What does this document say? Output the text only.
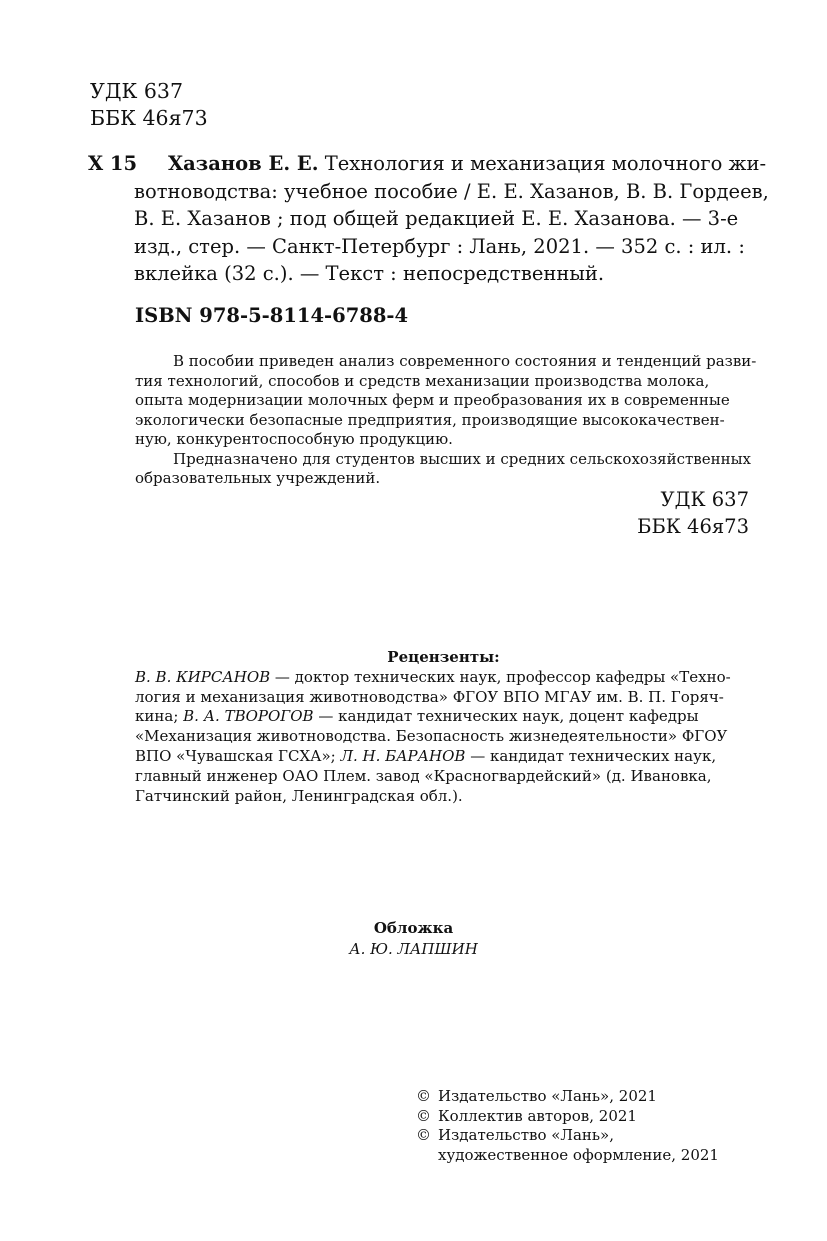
УДК 637
ББК 46я73
Х 15 Хазанов Е. Е. Технология и механизация молочного жи-
вотноводства: учебное пособие / Е. Е. Хазанов, В. В. Гордеев,
В. Е. Хазанов ; под общей редакцией Е. Е. Хазанова. — 3-е
изд., стер. — Санкт-Петербург : Лань, 2021. — 352 с. : ил. :
вклейка (32 с.). — Текст : непосредственный.
ISBN 978-5-8114-6788-4
В пособии приведен анализ современного состояния и тенденций разви-
тия технологий, способов и средств механизации производства молока,
опыта модернизации молочных ферм и преобразования их в современные
экологически безопасные предприятия, производящие высококачествен-
ную, конкурентоспособную продукцию.
Предназначено для студентов высших и средних сельскохозяйственных
образовательных учреждений.
УДК 637
ББК 46я73
Рецензенты:
В. В. КИРСАНОВ — доктор технических наук, профессор кафедры «Техно-
логия и механизация животноводства» ФГОУ ВПО МГАУ им. В. П. Горяч-
кина; В. А. ТВОРОГОВ — кандидат технических наук, доцент кафедры
«Механизация животноводства. Безопасность жизнедеятельности» ФГОУ
ВПО «Чувашская ГСХА»; Л. Н. БАРАНОВ — кандидат технических наук,
главный инженер ОАО Плем. завод «Красногвардейский» (д. Ивановка,
Гатчинский район, Ленинградская обл.).
Обложка
А. Ю. ЛАПШИН
© Издательство «Лань», 2021
© Коллектив авторов, 2021
© Издательство «Лань»,
художественное оформление, 2021
